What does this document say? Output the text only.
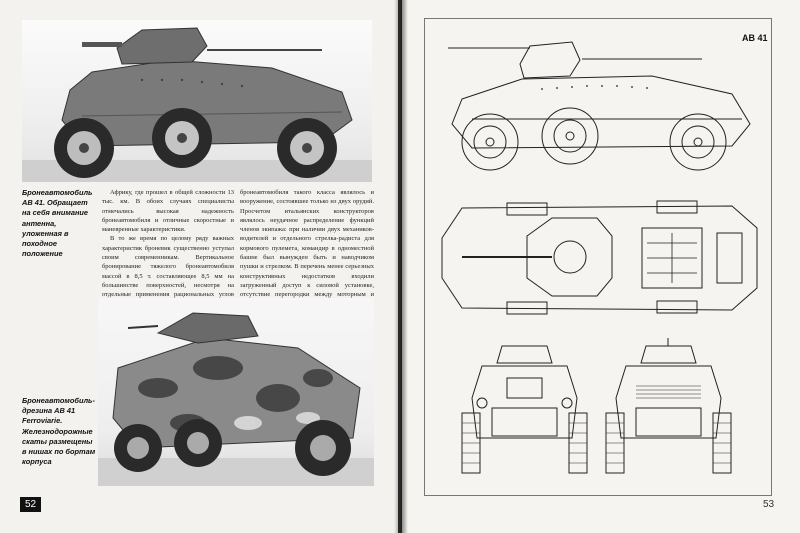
Бронеавтомобиль АВ 41. Обращает на себя внимание антенна, уложенная в походное положение

Африку, где прошел в общей сложности 13 тыс. км. В обоих случаях специалисты отмечались высокая надежность бронеавтомобиля и отличные скоростные и маневренные характеристики.

В то же время по целому ряду важных характеристик броневик существенно уступал своим современникам. Вертикальное бронирование тяжелого бронеавтомобиля массой в 8,5 т. составляющее 8,5 мм на большинстве поверхностей, несмотря на отдельные применения рациональных углов

бронеавтомобиля такого класса являлось и вооружение, состоявшее только из двух орудий. Просчетом итальянских конструкторов являлось неудачное распределение функций членов экипажа: при наличии двух механиков-водителей и отдельного стрелка-радиста для кормового пулемета, командир в одноместной башне был вынужден быть и наводчиком пушки и стрелком. В перечень менее серьезных конструктивных недостатков входили загруженный доступ к силовой установке, отсутствие перегородки между моторным и

Бронеавтомобиль-дрезина АВ 41 Ferroviarie. Железнодорожные скаты размещены в нишах по бортам корпуса
52
АВ 41
53
